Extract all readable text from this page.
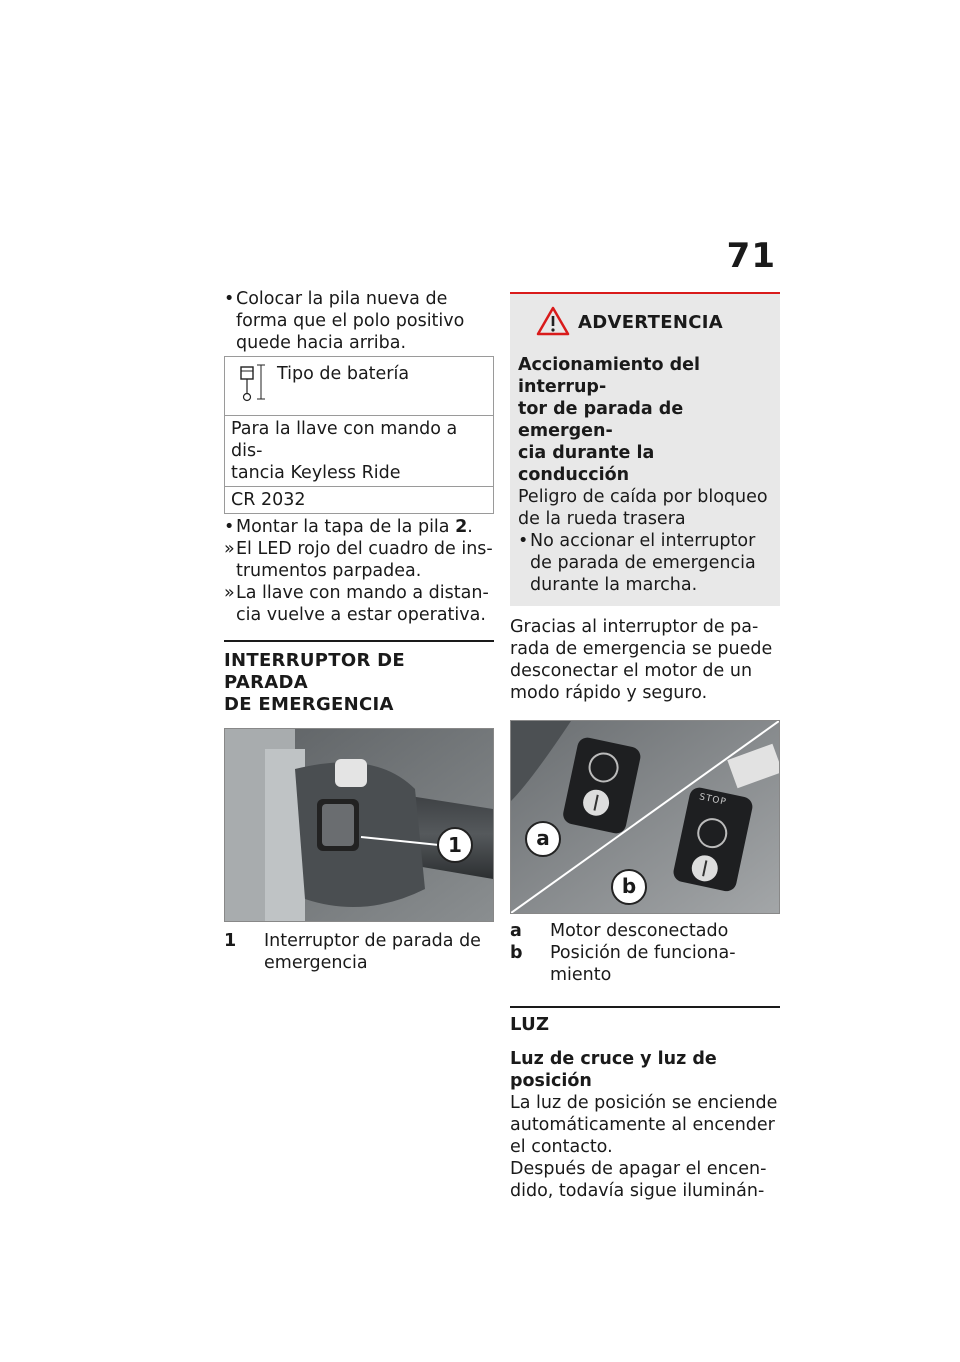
71
• Colocar la pila nueva de
forma que el polo positivo
quede hacia arriba.
Tipo de batería

Para la llave con mando a dis-
tancia Keyless Ride

CR 2032
• Montar la tapa de la pila 2.
» El LED rojo del cuadro de ins-
trumentos parpadea.
» La llave con mando a distan-
cia vuelve a estar operativa.
INTERRUPTOR DE PARADA
DE EMERGENCIA
1
1	Interruptor de parada de
emergencia
ADVERTENCIA
Accionamiento del interrup-
tor de parada de emergen-
cia durante la conducción
Peligro de caída por bloqueo
de la rueda trasera
• No accionar el interruptor
de parada de emergencia
durante la marcha.
Gracias al interruptor de pa-
rada de emergencia se puede
desconectar el motor de un
modo rápido y seguro.
a
b
STOP
a	Motor desconectado
b	Posición de funciona-
miento
LUZ
Luz de cruce y luz de posición
La luz de posición se enciende
automáticamente al encender
el contacto.
Después de apagar el encen-
dido, todavía sigue iluminán-
